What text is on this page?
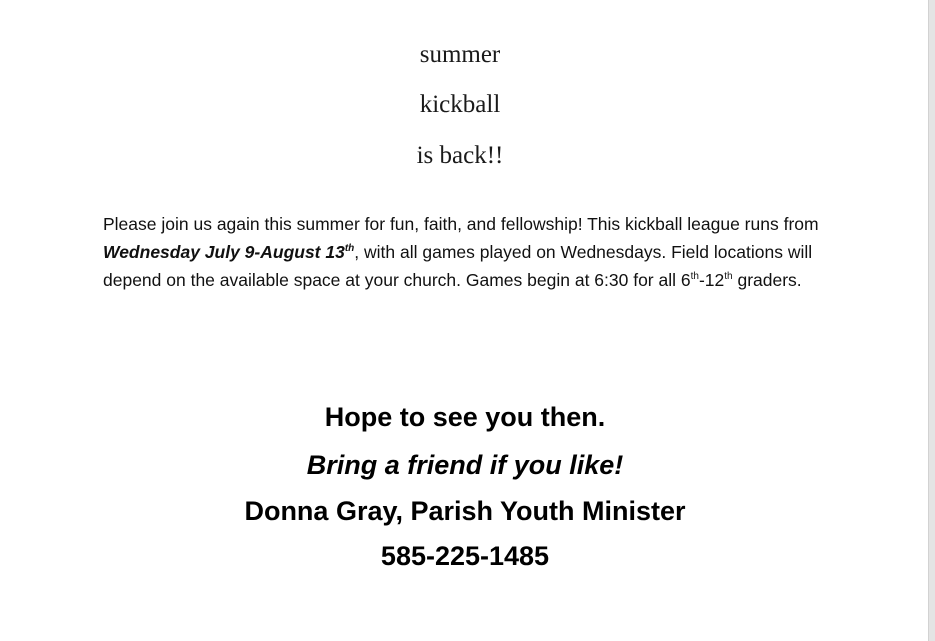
summer

kickball

is back!!

Please join us again this summer for fun, faith, and fellowship! This kickball league runs from Wednesday July 9-August 13th, with all games played on Wednesdays. Field locations will depend on the available space at your church. Games begin at 6:30 for all 6th-12th graders.

Hope to see you then.

Bring a friend if you like!

Donna Gray, Parish Youth Minister

585-225-1485
